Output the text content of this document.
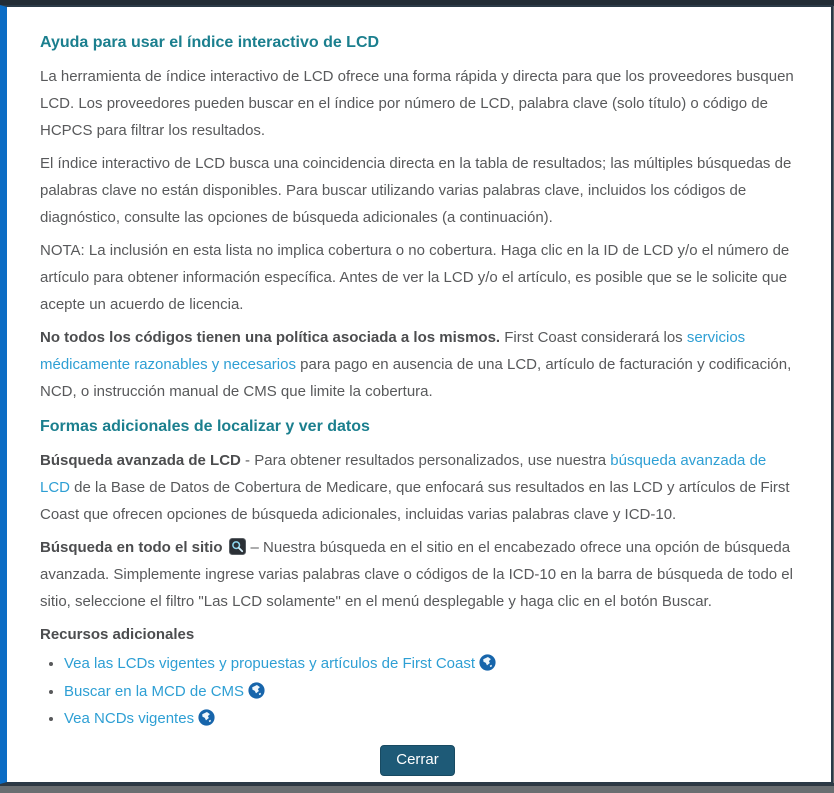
Ayuda para usar el índice interactivo de LCD

La herramienta de índice interactivo de LCD ofrece una forma rápida y directa para que los proveedores busquen LCD. Los proveedores pueden buscar en el índice por número de LCD, palabra clave (solo título) o código de HCPCS para filtrar los resultados.

El índice interactivo de LCD busca una coincidencia directa en la tabla de resultados; las múltiples búsquedas de palabras clave no están disponibles. Para buscar utilizando varias palabras clave, incluidos los códigos de diagnóstico, consulte las opciones de búsqueda adicionales (a continuación).

NOTA: La inclusión en esta lista no implica cobertura o no cobertura. Haga clic en la ID de LCD y/o el número de artículo para obtener información específica. Antes de ver la LCD y/o el artículo, es posible que se le solicite que acepte un acuerdo de licencia.

No todos los códigos tienen una política asociada a los mismos. First Coast considerará los servicios médicamente razonables y necesarios para pago en ausencia de una LCD, artículo de facturación y codificación, NCD, o instrucción manual de CMS que limite la cobertura.

Formas adicionales de localizar y ver datos

Búsqueda avanzada de LCD - Para obtener resultados personalizados, use nuestra búsqueda avanzada de LCD de la Base de Datos de Cobertura de Medicare, que enfocará sus resultados en las LCD y artículos de First Coast que ofrecen opciones de búsqueda adicionales, incluidas varias palabras clave y ICD-10.

Búsqueda en todo el sitio – Nuestra búsqueda en el sitio en el encabezado ofrece una opción de búsqueda avanzada. Simplemente ingrese varias palabras clave o códigos de la ICD-10 en la barra de búsqueda de todo el sitio, seleccione el filtro "Las LCD solamente" en el menú desplegable y haga clic en el botón Buscar.

Recursos adicionales

• Vea las LCDs vigentes y propuestas y artículos de First Coast
• Buscar en la MCD de CMS
• Vea NCDs vigentes
Cerrar
